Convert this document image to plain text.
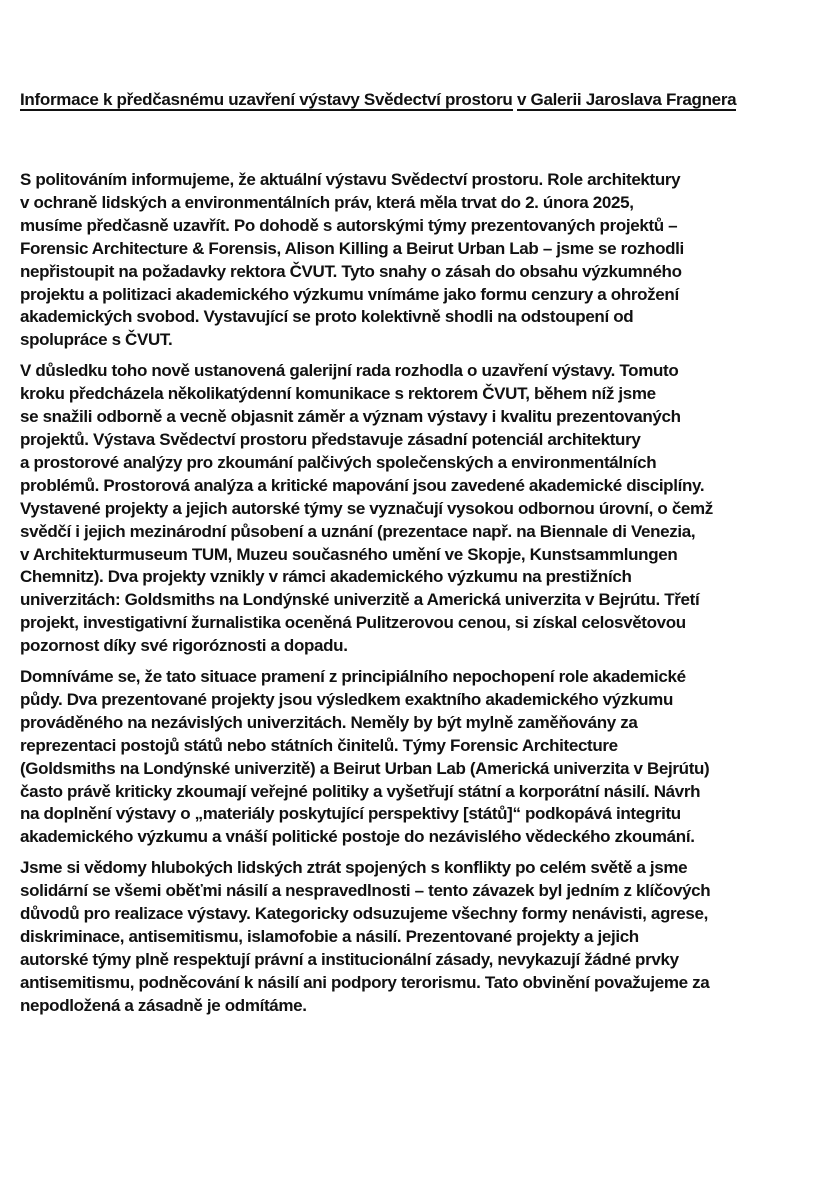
Informace k předčasnému uzavření výstavy Svědectví prostoru v Galerii Jaroslava Fragnera
S politováním informujeme, že aktuální výstavu Svědectví prostoru. Role architektury
v ochraně lidských a environmentálních práv, která měla trvat do 2. února 2025,
musíme předčasně uzavřít. Po dohodě s autorskými týmy prezentovaných projektů –
Forensic Architecture & Forensis, Alison Killing a Beirut Urban Lab – jsme se rozhodli
nepřistoupit na požadavky rektora ČVUT. Tyto snahy o zásah do obsahu výzkumného
projektu a politizaci akademického výzkumu vnímáme jako formu cenzury a ohrožení
akademických svobod. Vystavující se proto kolektivně shodli na odstoupení od
spolupráce s ČVUT.
V důsledku toho nově ustanovená galerijní rada rozhodla o uzavření výstavy. Tomuto
kroku předcházela několikatýdenní komunikace s rektorem ČVUT, během níž jsme
se snažili odborně a vecně objasnit záměr a význam výstavy i kvalitu prezentovaných
projektů. Výstava Svědectví prostoru představuje zásadní potenciál architektury
a prostorové analýzy pro zkoumání palčivých společenských a environmentálních
problémů. Prostorová analýza a kritické mapování jsou zavedené akademické disciplíny.
Vystavené projekty a jejich autorské týmy se vyznačují vysokou odbornou úrovní, o čemž
svědčí i jejich mezinárodní působení a uznání (prezentace např. na Biennale di Venezia,
v Architekturmuseum TUM, Muzeu současného umění ve Skopje, Kunstsammlungen
Chemnitz). Dva projekty vznikly v rámci akademického výzkumu na prestižních
univerzitách: Goldsmiths na Londýnské univerzitě a Americká univerzita v Bejrútu. Třetí
projekt, investigativní žurnalistika oceněná Pulitzerovou cenou, si získal celosvětovou
pozornost díky své rigoróznosti a dopadu.
Domníváme se, že tato situace pramení z principiálního nepochopení role akademické
půdy. Dva prezentované projekty jsou výsledkem exaktního akademického výzkumu
prováděného na nezávislých univerzitách. Neměly by být mylně zaměňovány za
reprezentaci postojů států nebo státních činitelů. Týmy Forensic Architecture
(Goldsmiths na Londýnské univerzitě) a Beirut Urban Lab (Americká univerzita v Bejrútu)
často právě kriticky zkoumají veřejné politiky a vyšetřují státní a korporátní násilí. Návrh
na doplnění výstavy o „materiály poskytující perspektivy [států]“ podkopává integritu
akademického výzkumu a vnáší politické postoje do nezávislého vědeckého zkoumání.
Jsme si vědomy hlubokých lidských ztrát spojených s konflikty po celém světě a jsme
solidární se všemi oběťmi násilí a nespravedlnosti – tento závazek byl jedním z klíčových
důvodů pro realizace výstavy. Kategoricky odsuzujeme všechny formy nenávisti, agrese,
diskriminace, antisemitismu, islamofobie a násilí. Prezentované projekty a jejich
autorské týmy plně respektují právní a institucionální zásady, nevykazují žádné prvky
antisemitismu, podněcování k násilí ani podpory terorismu. Tato obvinění považujeme za
nepodložená a zásadně je odmítáme.
